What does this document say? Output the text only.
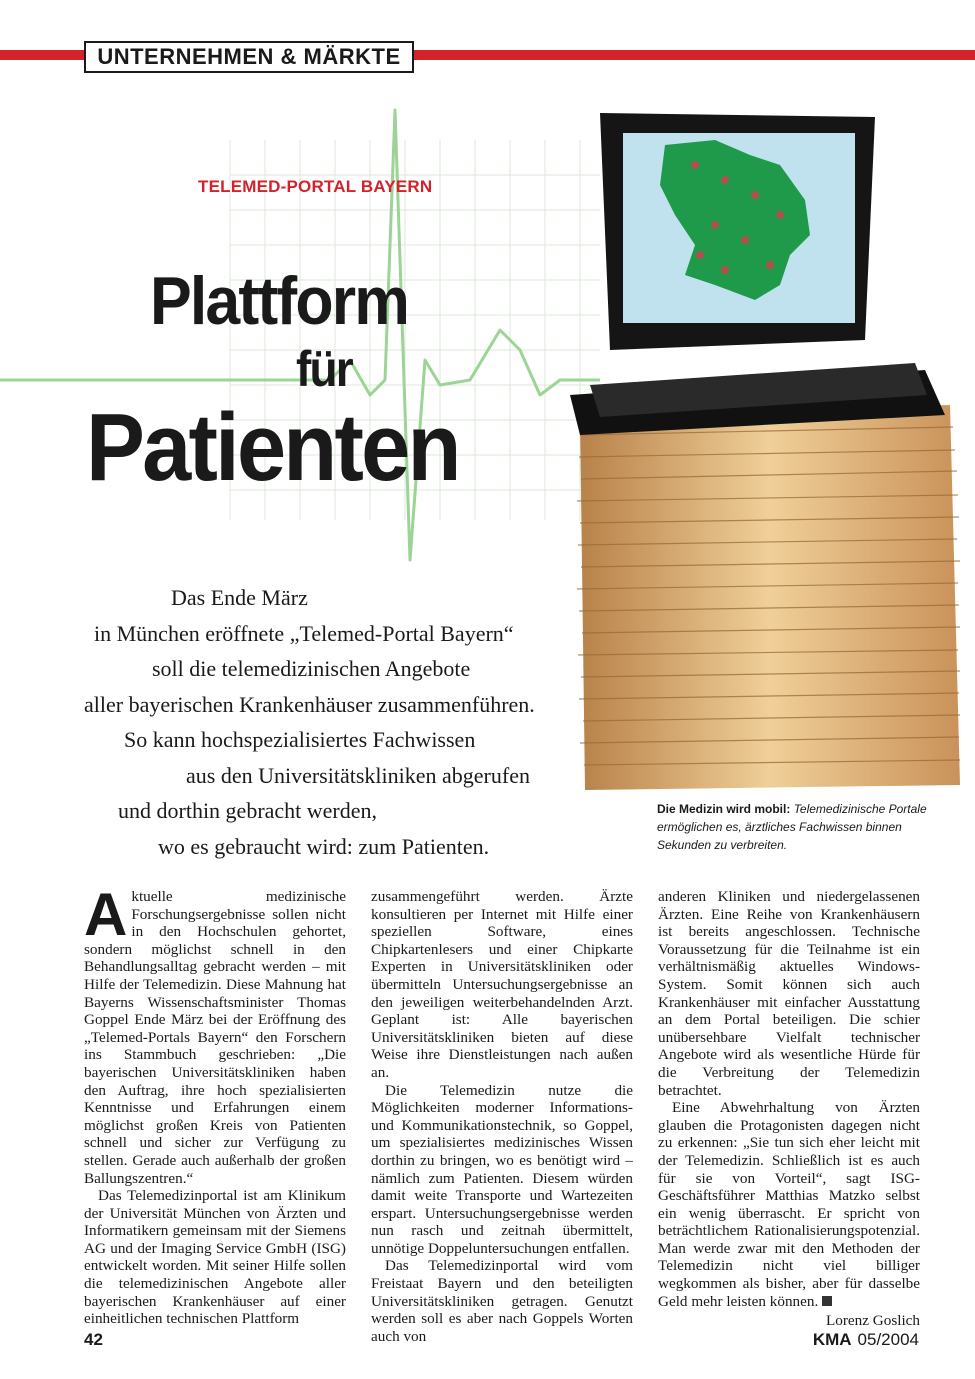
UNTERNEHMEN & MÄRKTE
TELEMED-PORTAL BAYERN
Plattform
für
Patienten
Das Ende März
in München eröffnete „Telemed-Portal Bayern“
soll die telemedizinischen Angebote
aller bayerischen Krankenhäuser zusammenführen.
So kann hochspezialisiertes Fachwissen
aus den Universitätskliniken abgerufen
und dorthin gebracht werden,
wo es gebraucht wird: zum Patienten.
Die Medizin wird mobil: Telemedizinische Portale ermöglichen es, ärztliches Fachwissen binnen Sekunden zu verbreiten.

Aktuelle medizinische Forschungsergebnisse sollen nicht in den Hochschulen gehortet, sondern möglichst schnell in den Behandlungsalltag gebracht werden – mit Hilfe der Telemedizin. Diese Mahnung hat Bayerns Wissenschaftsminister Thomas Goppel Ende März bei der Eröffnung des „Telemed-Portals Bayern“ den Forschern ins Stammbuch geschrieben: „Die bayerischen Universitätskliniken haben den Auftrag, ihre hoch spezialisierten Kenntnisse und Erfahrungen einem möglichst großen Kreis von Patienten schnell und sicher zur Verfügung zu stellen. Gerade auch außerhalb der großen Ballungszentren.“

Das Telemedizinportal ist am Klinikum der Universität München von Ärzten und Informatikern gemeinsam mit der Siemens AG und der Imaging Service GmbH (ISG) entwickelt worden. Mit seiner Hilfe sollen die telemedizinischen Angebote aller bayerischen Krankenhäuser auf einer einheitlichen technischen Plattform

zusammengeführt werden. Ärzte konsultieren per Internet mit Hilfe einer speziellen Software, eines Chipkartenlesers und einer Chipkarte Experten in Universitätskliniken oder übermitteln Untersuchungsergebnisse an den jeweiligen weiterbehandelnden Arzt. Geplant ist: Alle bayerischen Universitätskliniken bieten auf diese Weise ihre Dienstleistungen nach außen an.

Die Telemedizin nutze die Möglichkeiten moderner Informations- und Kommunikationstechnik, so Goppel, um spezialisiertes medizinisches Wissen dorthin zu bringen, wo es benötigt wird – nämlich zum Patienten. Diesem würden damit weite Transporte und Wartezeiten erspart. Untersuchungsergebnisse werden nun rasch und zeitnah übermittelt, unnötige Doppeluntersuchungen entfallen.

Das Telemedizinportal wird vom Freistaat Bayern und den beteiligten Universitätskliniken getragen. Genutzt werden soll es aber nach Goppels Worten auch von

anderen Kliniken und niedergelassenen Ärzten. Eine Reihe von Krankenhäusern ist bereits angeschlossen. Technische Voraussetzung für die Teilnahme ist ein verhältnismäßig aktuelles Windows-System. Somit können sich auch Krankenhäuser mit einfacher Ausstattung an dem Portal beteiligen. Die schier unübersehbare Vielfalt technischer Angebote wird als wesentliche Hürde für die Verbreitung der Telemedizin betrachtet.

Eine Abwehrhaltung von Ärzten glauben die Protagonisten dagegen nicht zu erkennen: „Sie tun sich eher leicht mit der Telemedizin. Schließlich ist es auch für sie von Vorteil“, sagt ISG-Geschäftsführer Matthias Matzko selbst ein wenig überrascht. Er spricht von beträchtlichem Rationalisierungspotenzial. Man werde zwar mit den Methoden der Telemedizin nicht viel billiger wegkommen als bisher, aber für dasselbe Geld mehr leisten können.

Lorenz Goslich

42	KMA 05/2004
